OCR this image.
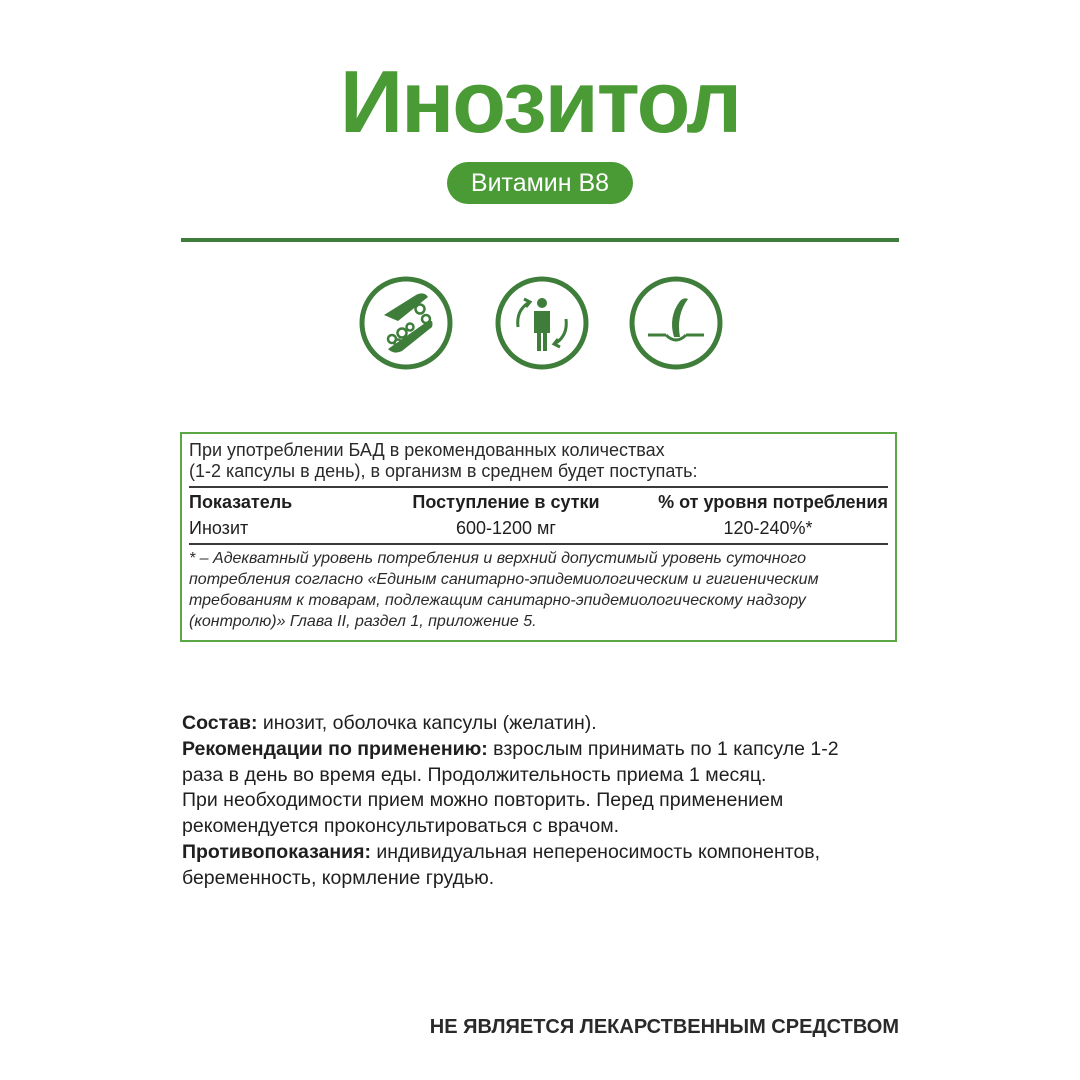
Инозитол
Витамин В8
При употреблении БАД в рекомендованных количествах
(1-2 капсулы в день), в организм в среднем будет поступать:
Показатель	Поступление в сутки	% от уровня потребления
Инозит	600-1200 мг	120-240%*
* – Адекватный уровень потребления и верхний допустимый уровень суточного потребления согласно «Единым санитарно-эпидемиологическим и гигиеническим требованиям к товарам, подлежащим санитарно-эпидемиологическому надзору (контролю)» Глава II, раздел 1, приложение 5.

Состав: инозит, оболочка капсулы (желатин).

Рекомендации по применению: взрослым принимать по 1 капсуле 1-2 раза в день во время еды. Продолжительность приема 1 месяц.

При необходимости прием можно повторить. Перед применением рекомендуется проконсультироваться с врачом.

Противопоказания: индивидуальная непереносимость компонентов, беременность, кормление грудью.

НЕ ЯВЛЯЕТСЯ ЛЕКАРСТВЕННЫМ СРЕДСТВОМ
